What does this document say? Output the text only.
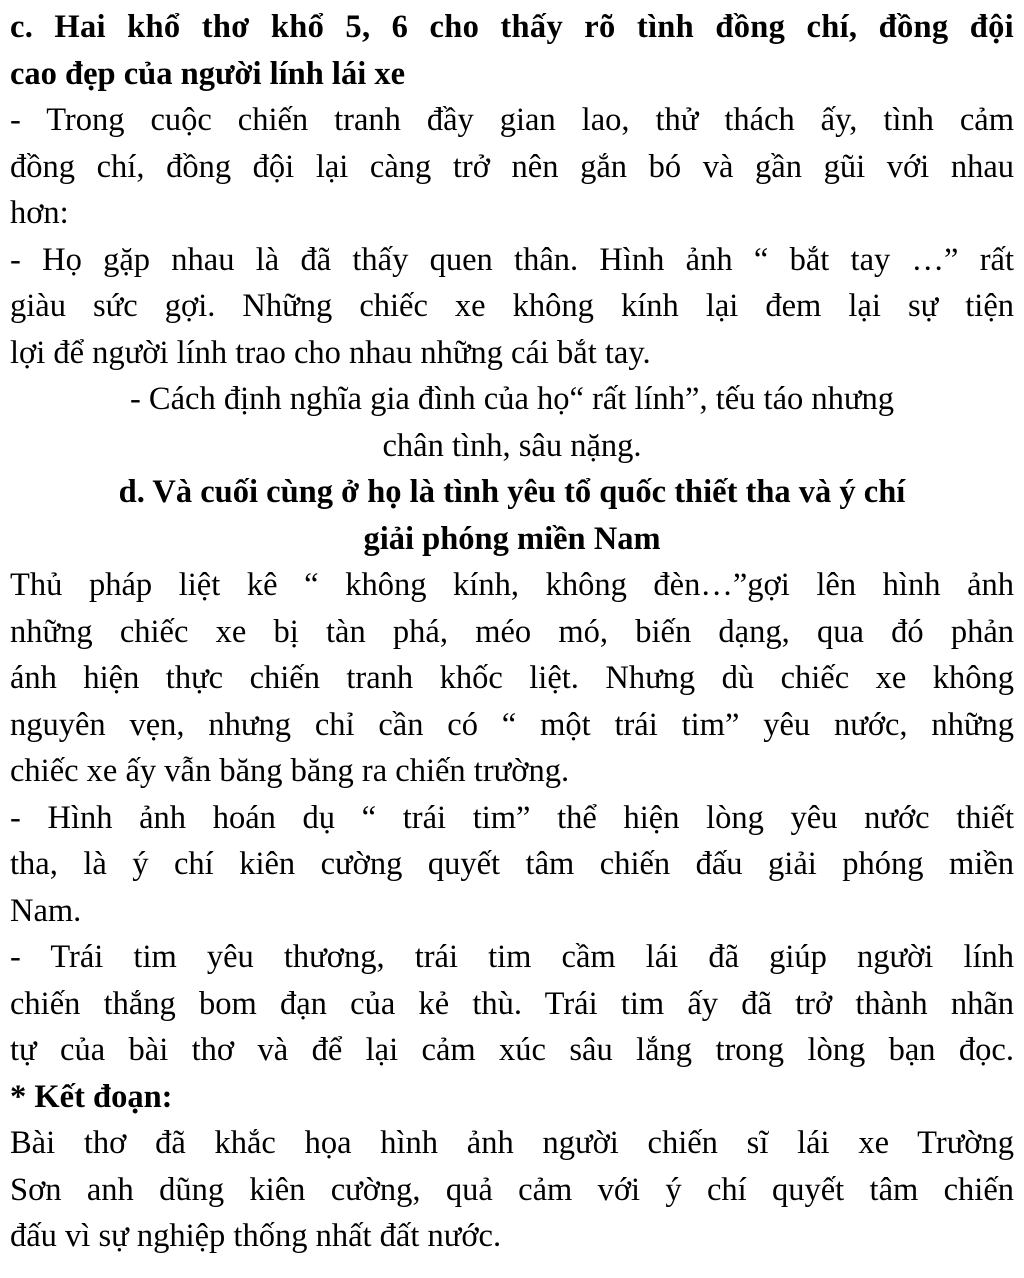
c. Hai khổ thơ khổ 5, 6 cho thấy rõ tình đồng chí, đồng đội

cao đẹp của người lính lái xe

- Trong cuộc chiến tranh đầy gian lao, thử thách ấy, tình cảm

đồng chí, đồng đội lại càng trở nên gắn bó và gần gũi với nhau

hơn:

- Họ gặp nhau là đã thấy quen thân. Hình ảnh “ bắt tay …” rất

giàu sức gợi. Những chiếc xe không kính lại đem lại sự tiện

lợi để người lính trao cho nhau những cái bắt tay.

- Cách định nghĩa gia đình của họ“ rất lính”, tếu táo nhưng

chân tình, sâu nặng.

d. Và cuối cùng ở họ là tình yêu tổ quốc thiết tha và ý chí

giải phóng miền Nam

Thủ pháp liệt kê “ không kính, không đèn…”gợi lên hình ảnh

những chiếc xe bị tàn phá, méo mó, biến dạng, qua đó phản

ánh hiện thực chiến tranh khốc liệt. Nhưng dù chiếc xe không

nguyên vẹn, nhưng chỉ cần có “ một trái tim” yêu nước, những

chiếc xe ấy vẫn băng băng ra chiến trường.

- Hình ảnh hoán dụ “ trái tim” thể hiện lòng yêu nước thiết

tha, là ý chí kiên cường quyết tâm chiến đấu giải phóng miền

Nam.

- Trái tim yêu thương, trái tim cầm lái đã giúp người lính

chiến thắng bom đạn của kẻ thù. Trái tim ấy đã trở thành nhãn

tự của bài thơ và để lại cảm xúc sâu lắng trong lòng bạn đọc.

* Kết đoạn:

Bài thơ đã khắc họa hình ảnh người chiến sĩ lái xe Trường

Sơn anh dũng kiên cường, quả cảm với ý chí quyết tâm chiến

đấu vì sự nghiệp thống nhất đất nước.
